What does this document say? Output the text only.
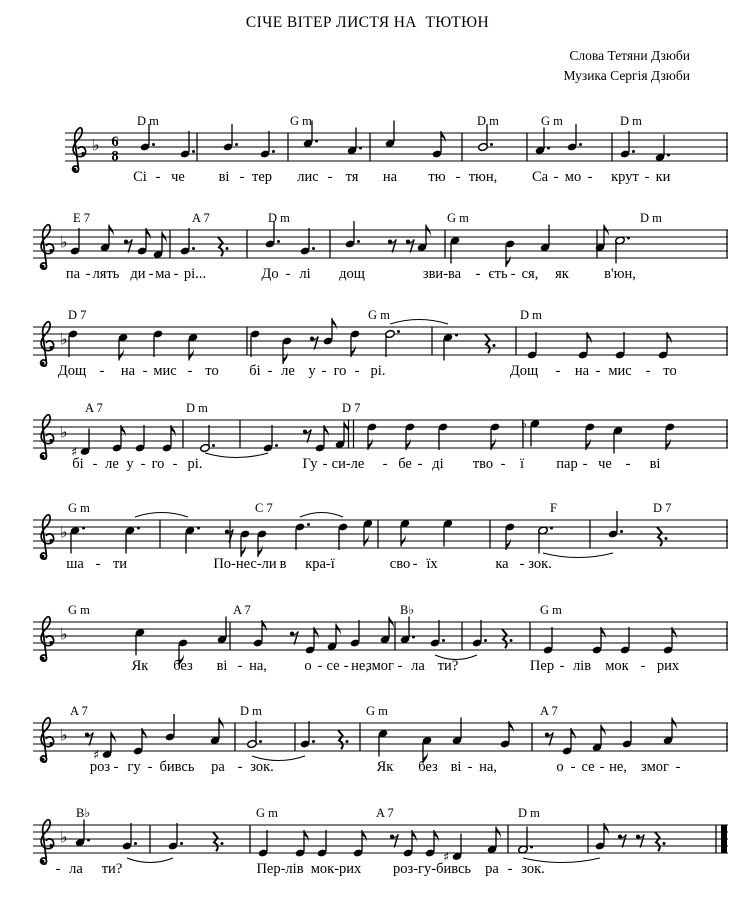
СІЧЕ ВІТЕР ЛИСТЯ НА  ТЮТЮН
Слова Тетяни Дзюби
Музика Сергія Дзюби
♭ 6
8
D m	G m	D m	G m	D m
Сі - че ві - тер лис - тя на тю - тюн, Са - мо - крут - ки
♭
E 7	A 7	D m	G m	D m
па - лять ди - ма - рі...	До - лі дощ	зви-ва - єть - ся, як в'юн,
♭
D 7	G m	D m
Дощ - на - мис - то бі - ле у - го - рі.	Дощ - на - мис - то
♭
A 7	D m	D 7
♯
♭
бі - ле у - го - рі.	Гу - си-ле - бе - ді тво - ї пар - че - ві
♭
G m	C 7	F	D 7
ша - ти	По-нес-ли в кра-ї	сво - їх	ка - зок.
♭
G m	A 7	B♭	G m
Як без ві - на,	о - се - не,
змог - ла ти?	Пер - лів мок - рих
♭
A 7	D m	G m	A 7
♯
роз - гу - бивсь ра - зок.	Як без ві - на,	о - се - не, змог -
♭
B♭	G m	A 7	D m
♯
- ла ти?	Пер-лів мок-рих роз-гу-бивсь ра - зок.
